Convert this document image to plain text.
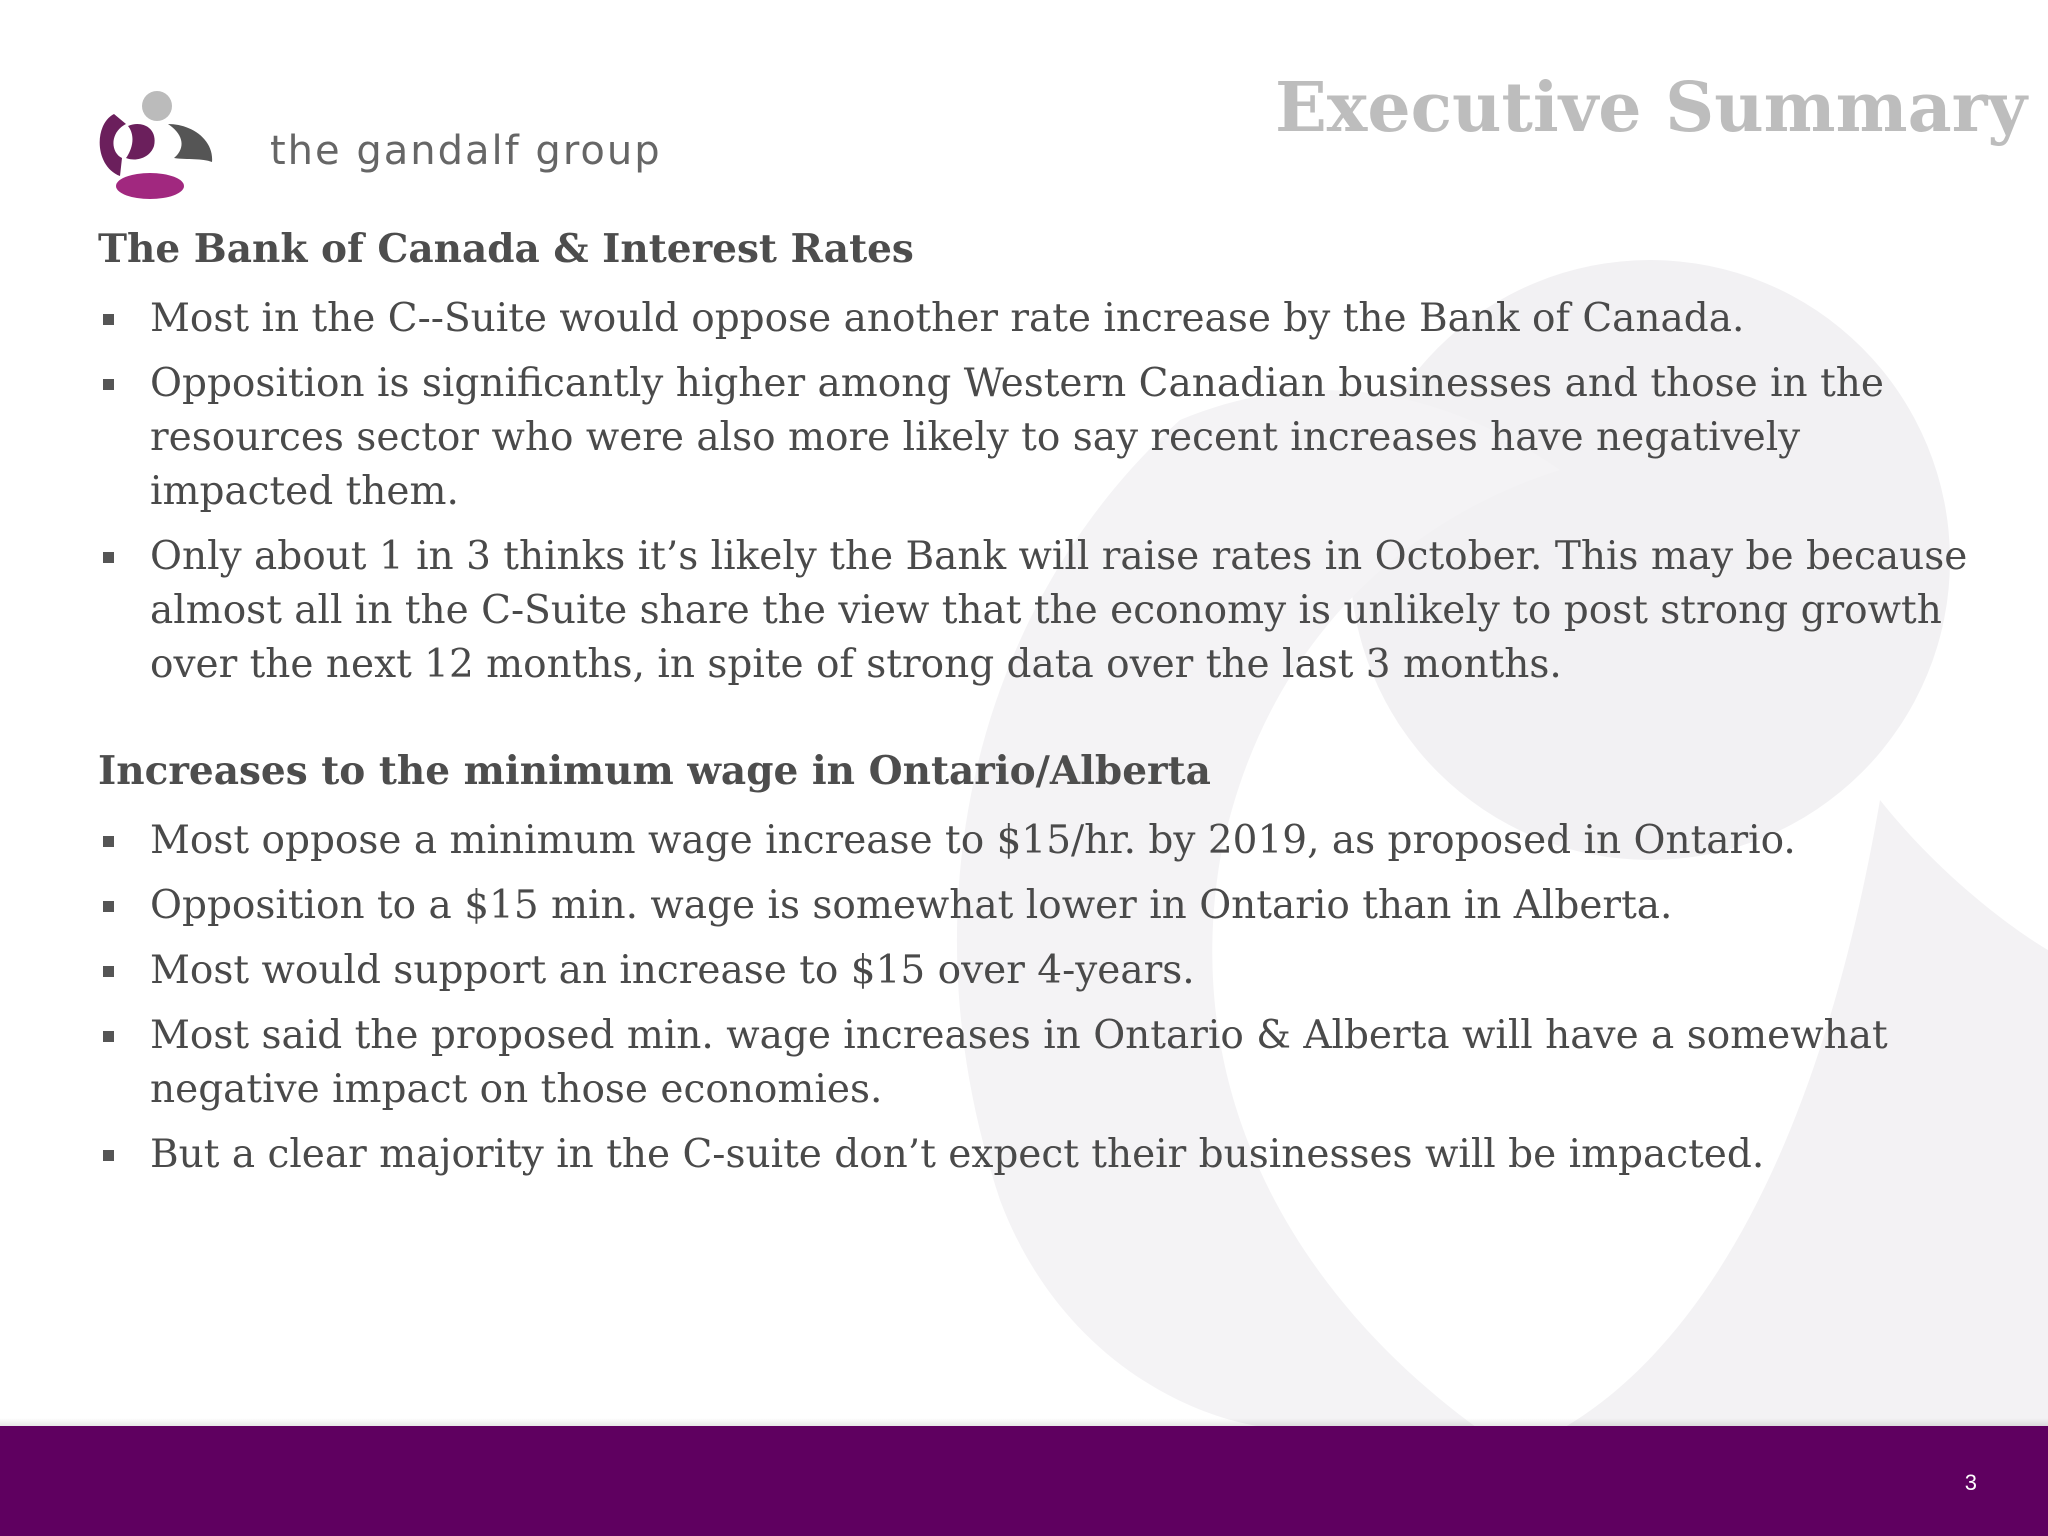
the gandalf group
Executive Summary
The Bank of Canada & Interest Rates
Most in the C--Suite would oppose another rate increase by the Bank of Canada.
Opposition is significantly higher among Western Canadian businesses and those in the resources sector who were also more likely to say recent increases have negatively impacted them.
Only about 1 in 3 thinks it’s likely the Bank will raise rates in October. This may be because almost all in the C-Suite share the view that the economy is unlikely to post strong growth over the next 12 months, in spite of strong data over the last 3 months.
Increases to the minimum wage in Ontario/Alberta
Most oppose a minimum wage increase to $15/hr. by 2019, as proposed in Ontario.
Opposition to a $15 min. wage is somewhat lower in Ontario than in Alberta.
Most would support an increase to $15 over 4-years.
Most said the proposed min. wage increases in Ontario & Alberta will have a somewhat negative impact on those economies.
But a clear majority in the C-suite don’t expect their businesses will be impacted.
3
